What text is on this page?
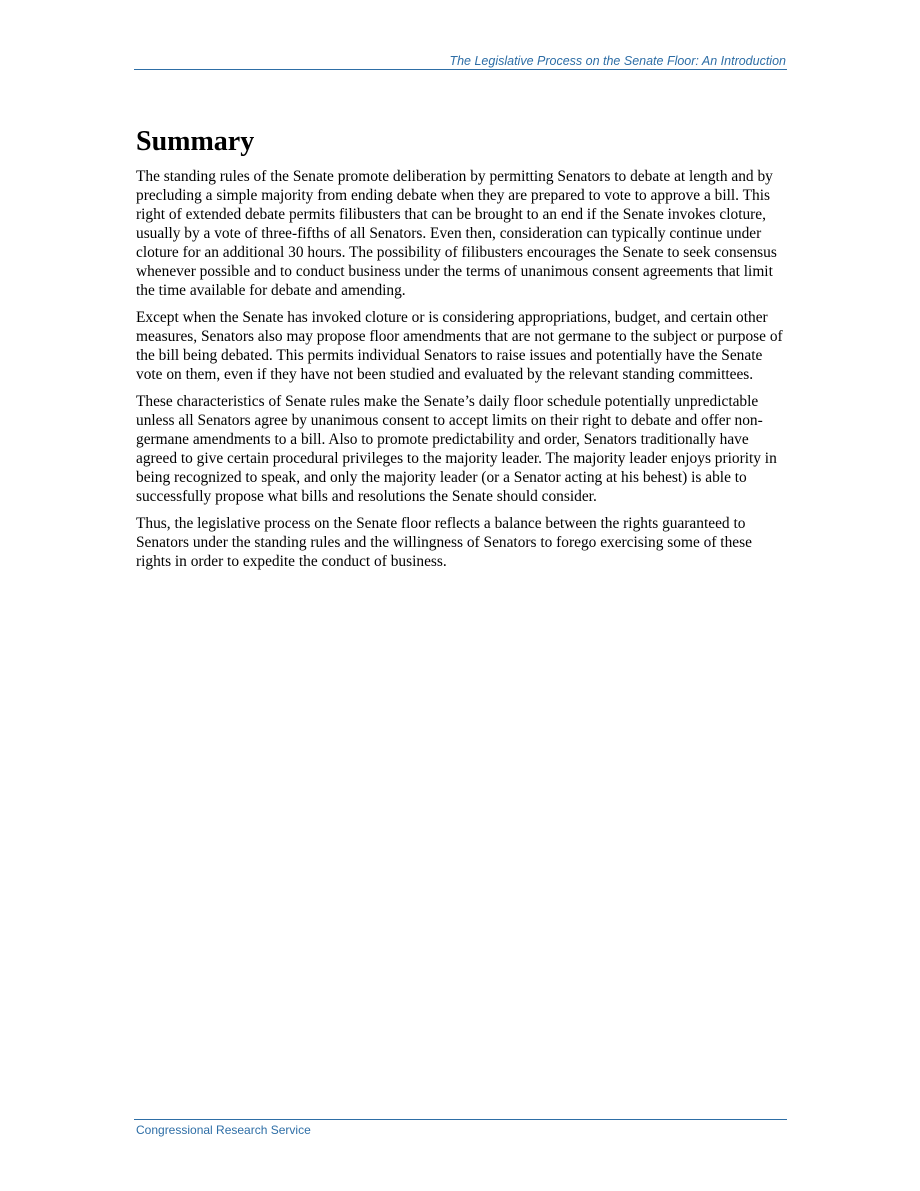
The Legislative Process on the Senate Floor: An Introduction
Summary

The standing rules of the Senate promote deliberation by permitting Senators to debate at length and by precluding a simple majority from ending debate when they are prepared to vote to approve a bill. This right of extended debate permits filibusters that can be brought to an end if the Senate invokes cloture, usually by a vote of three-fifths of all Senators. Even then, consideration can typically continue under cloture for an additional 30 hours. The possibility of filibusters encourages the Senate to seek consensus whenever possible and to conduct business under the terms of unanimous consent agreements that limit the time available for debate and amending.

Except when the Senate has invoked cloture or is considering appropriations, budget, and certain other measures, Senators also may propose floor amendments that are not germane to the subject or purpose of the bill being debated. This permits individual Senators to raise issues and potentially have the Senate vote on them, even if they have not been studied and evaluated by the relevant standing committees.

These characteristics of Senate rules make the Senate’s daily floor schedule potentially unpredictable unless all Senators agree by unanimous consent to accept limits on their right to debate and offer non-germane amendments to a bill. Also to promote predictability and order, Senators traditionally have agreed to give certain procedural privileges to the majority leader. The majority leader enjoys priority in being recognized to speak, and only the majority leader (or a Senator acting at his behest) is able to successfully propose what bills and resolutions the Senate should consider.

Thus, the legislative process on the Senate floor reflects a balance between the rights guaranteed to Senators under the standing rules and the willingness of Senators to forego exercising some of these rights in order to expedite the conduct of business.

Congressional Research Service
